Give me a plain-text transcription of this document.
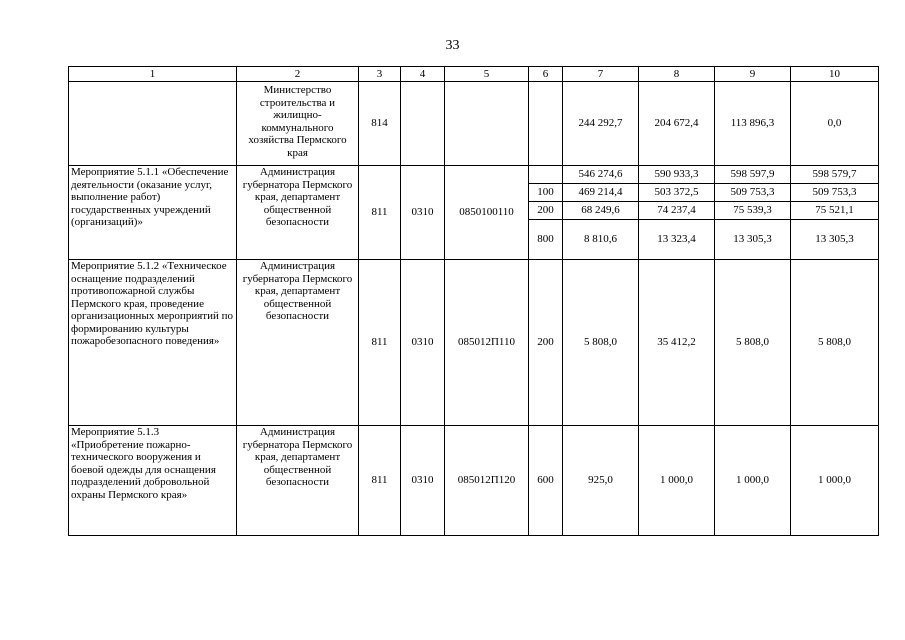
33
1	2	3	4	5	6	7	8	9	10
	Министерство строительства и жилищно-коммунального хозяйства Пермского края	814				244 292,7	204 672,4	113 896,3	0,0
Мероприятие 5.1.1 «Обеспечение деятельности (оказание услуг, выполнение работ) государственных учреждений (организаций)»	Администрация губернатора Пермского края, департамент общественной безопасности	811	0310	0850100110		546 274,6	590 933,3	598 597,9	598 579,7
					100	469 214,4	503 372,5	509 753,3	509 753,3
					200	68 249,6	74 237,4	75 539,3	75 521,1
					800	8 810,6	13 323,4	13 305,3	13 305,3
Мероприятие 5.1.2 «Техническое оснащение подразделений противопожарной службы Пермского края, проведение организационных мероприятий по формированию культуры пожаробезопасного поведения»	Администрация губернатора Пермского края, департамент общественной безопасности	811	0310	085012П110	200	5 808,0	35 412,2	5 808,0	5 808,0
Мероприятие 5.1.3 «Приобретение пожарно-технического вооружения и боевой одежды для оснащения подразделений добровольной охраны Пермского края»	Администрация губернатора Пермского края, департамент общественной безопасности	811	0310	085012П120	600	925,0	1 000,0	1 000,0	1 000,0
